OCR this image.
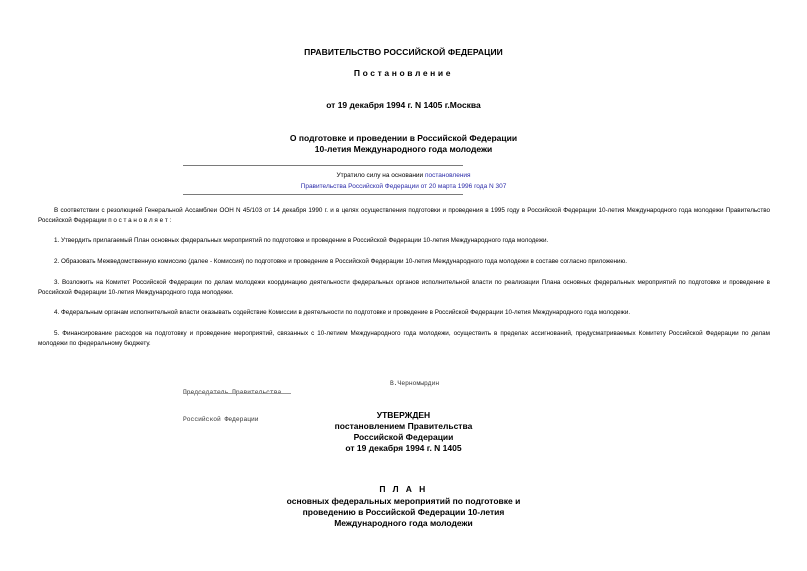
ПРАВИТЕЛЬСТВО РОССИЙСКОЙ ФЕДЕРАЦИИ
Постановление
от 19 декабря 1994 г. N 1405 г.Москва
О подготовке и проведении в Российской Федерации
10-летия Международного года молодежи
Утратило силу на основании постановления
Правительства Российской Федерации от 20 марта 1996 года N 307
В соответствии с резолюцией Генеральной Ассамблеи ООН N 45/103 от 14 декабря 1990 г. и в целях осуществления подготовки и проведения в 1995 году в Российской Федерации 10-летия Международного года молодежи Правительство Российской Федерации п о с т а н о в л я е т :
1. Утвердить прилагаемый План основных федеральных мероприятий по подготовке и проведение в Российской Федерации 10-летия Международного года молодежи.
2. Образовать Межведомственную комиссию (далее - Комиссия) по подготовке и проведение в Российской Федерации 10-летия Международного года молодежи в составе согласно приложению.
3. Возложить на Комитет Российской Федерации по делам молодежи координацию деятельности федеральных органов исполнительной власти по реализации Плана основных федеральных мероприятий по подготовке и проведение в Российской Федерации 10-летия Международного года молодежи.
4. Федеральным органам исполнительной власти оказывать содействие Комиссии в деятельности по подготовке и проведение в Российской Федерации 10-летия Международного года молодежи.
5. Финансирование расходов на подготовку и проведение мероприятий, связанных с 10-летием Международного года молодежи, осуществить в пределах ассигнований, предусматриваемых Комитету Российской Федерации по делам молодежи по федеральному бюджету.

Председатель Правительства

Российской Федерации

В.Черномырдин
УТВЕРЖДЕН
постановлением Правительства
Российской Федерации
от 19 декабря 1994 г. N 1405
П Л А Н
основных федеральных мероприятий по подготовке и
проведению в Российской Федерации 10-летия
Международного года молодежи
